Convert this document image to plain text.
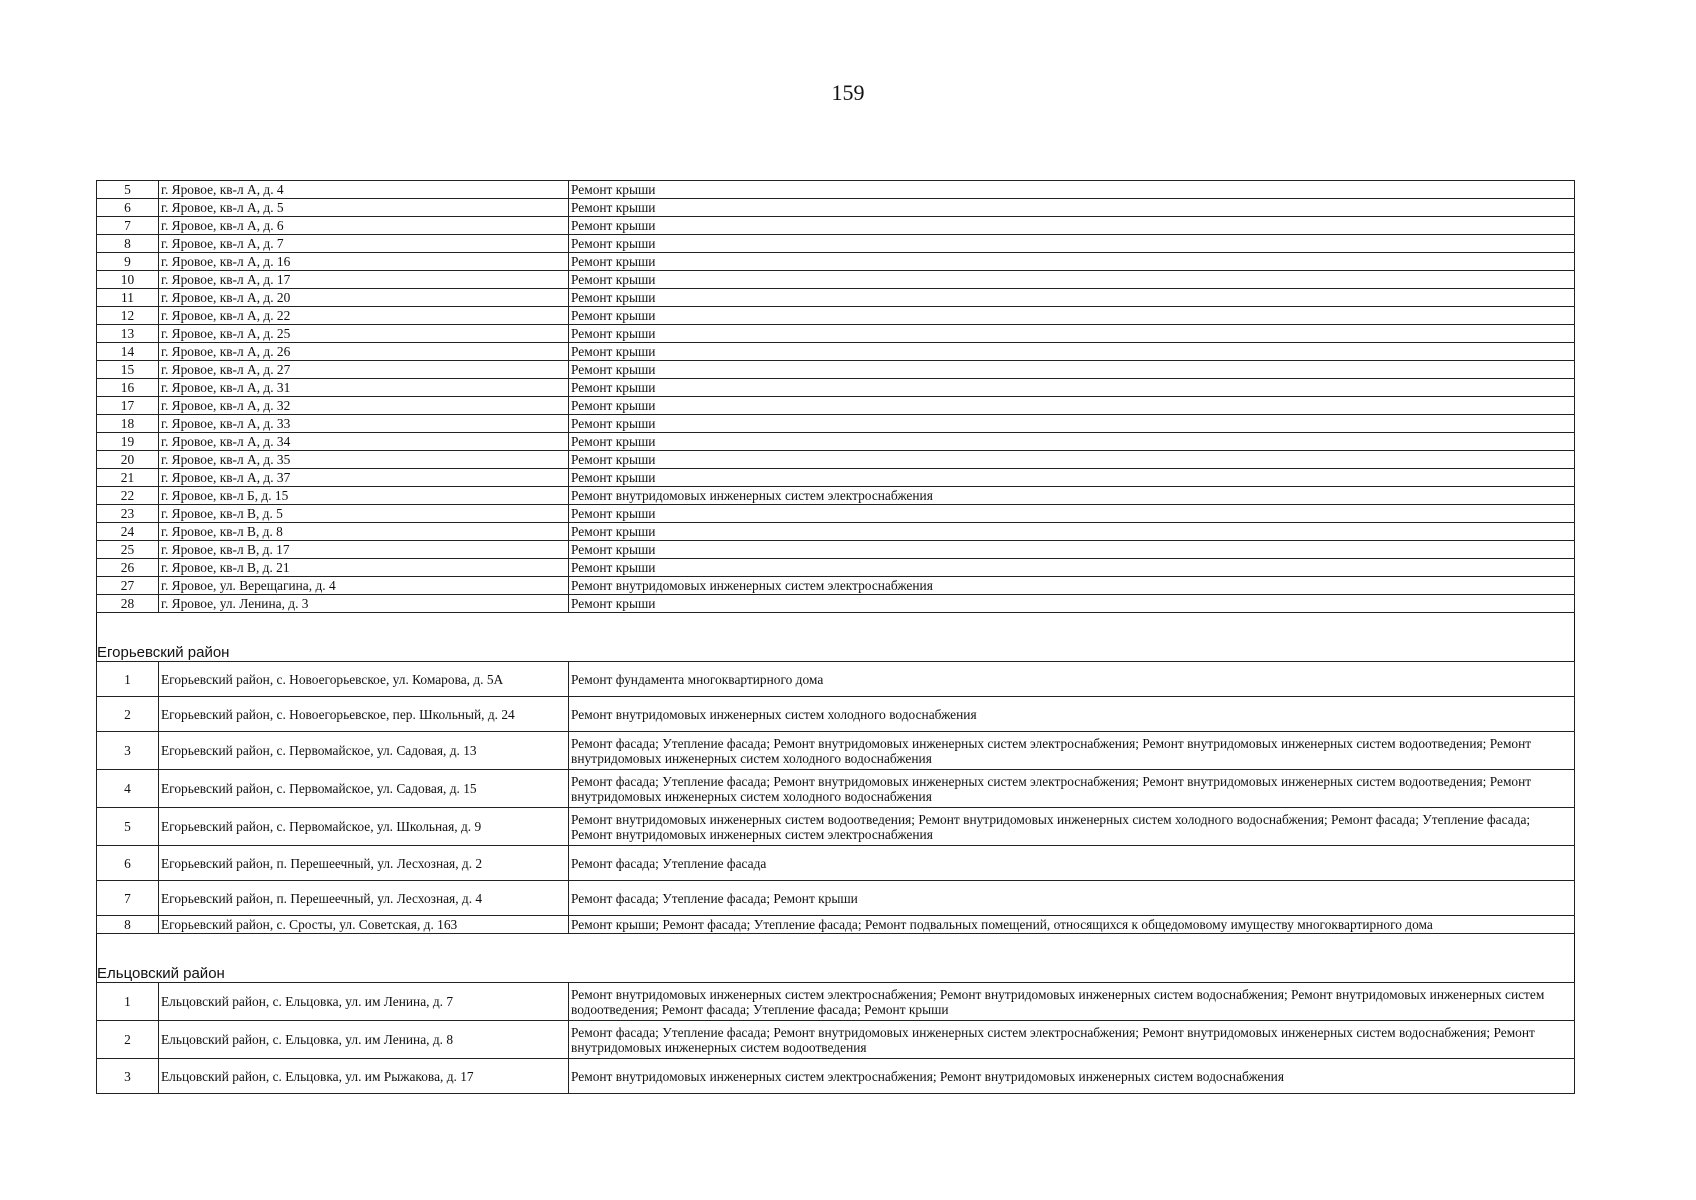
159
5	г. Яровое, кв-л А, д. 4	Ремонт крыши
6	г. Яровое, кв-л А, д. 5	Ремонт крыши
7	г. Яровое, кв-л А, д. 6	Ремонт крыши
8	г. Яровое, кв-л А, д. 7	Ремонт крыши
9	г. Яровое, кв-л А, д. 16	Ремонт крыши
10	г. Яровое, кв-л А, д. 17	Ремонт крыши
11	г. Яровое, кв-л А, д. 20	Ремонт крыши
12	г. Яровое, кв-л А, д. 22	Ремонт крыши
13	г. Яровое, кв-л А, д. 25	Ремонт крыши
14	г. Яровое, кв-л А, д. 26	Ремонт крыши
15	г. Яровое, кв-л А, д. 27	Ремонт крыши
16	г. Яровое, кв-л А, д. 31	Ремонт крыши
17	г. Яровое, кв-л А, д. 32	Ремонт крыши
18	г. Яровое, кв-л А, д. 33	Ремонт крыши
19	г. Яровое, кв-л А, д. 34	Ремонт крыши
20	г. Яровое, кв-л А, д. 35	Ремонт крыши
21	г. Яровое, кв-л А, д. 37	Ремонт крыши
22	г. Яровое, кв-л Б, д. 15	Ремонт внутридомовых инженерных систем электроснабжения
23	г. Яровое, кв-л В, д. 5	Ремонт крыши
24	г. Яровое, кв-л В, д. 8	Ремонт крыши
25	г. Яровое, кв-л В, д. 17	Ремонт крыши
26	г. Яровое, кв-л В, д. 21	Ремонт крыши
27	г. Яровое, ул. Верещагина, д. 4	Ремонт внутридомовых инженерных систем электроснабжения
28	г. Яровое, ул. Ленина, д. 3	Ремонт крыши

Егорьевский район		
1	Егорьевский район, с. Новоегорьевское, ул. Комарова, д. 5А	Ремонт фундамента многоквартирного дома
2	Егорьевский район, с. Новоегорьевское, пер. Школьный, д. 24	Ремонт внутридомовых инженерных систем холодного водоснабжения
3	Егорьевский район, с. Первомайское, ул. Садовая, д. 13	Ремонт фасада; Утепление фасада; Ремонт внутридомовых инженерных систем электроснабжения; Ремонт внутридомовых инженерных систем водоотведения; Ремонт внутридомовых инженерных систем холодного водоснабжения
4	Егорьевский район, с. Первомайское, ул. Садовая, д. 15	Ремонт фасада; Утепление фасада; Ремонт внутридомовых инженерных систем электроснабжения; Ремонт внутридомовых инженерных систем водоотведения; Ремонт внутридомовых инженерных систем холодного водоснабжения
5	Егорьевский район, с. Первомайское, ул. Школьная, д. 9	Ремонт внутридомовых инженерных систем водоотведения; Ремонт внутридомовых инженерных систем холодного водоснабжения; Ремонт фасада; Утепление фасада; Ремонт внутридомовых инженерных систем электроснабжения
6	Егорьевский район, п. Перешеечный, ул. Лесхозная, д. 2	Ремонт фасада; Утепление фасада
7	Егорьевский район, п. Перешеечный, ул. Лесхозная, д. 4	Ремонт фасада; Утепление фасада; Ремонт крыши
8	Егорьевский район, с. Сросты, ул. Советская, д. 163	Ремонт крыши; Ремонт фасада; Утепление фасада; Ремонт подвальных помещений, относящихся к общедомовому имуществу многоквартирного дома

Ельцовский район		
1	Ельцовский район, с. Ельцовка, ул. им Ленина, д. 7	Ремонт внутридомовых инженерных систем электроснабжения; Ремонт внутридомовых инженерных систем водоснабжения; Ремонт внутридомовых инженерных систем водоотведения; Ремонт фасада; Утепление фасада; Ремонт крыши
2	Ельцовский район, с. Ельцовка, ул. им Ленина, д. 8	Ремонт фасада; Утепление фасада; Ремонт внутридомовых инженерных систем электроснабжения; Ремонт внутридомовых инженерных систем водоснабжения; Ремонт внутридомовых инженерных систем водоотведения
3	Ельцовский район, с. Ельцовка, ул. им Рыжакова, д. 17	Ремонт внутридомовых инженерных систем электроснабжения; Ремонт внутридомовых инженерных систем водоснабжения
